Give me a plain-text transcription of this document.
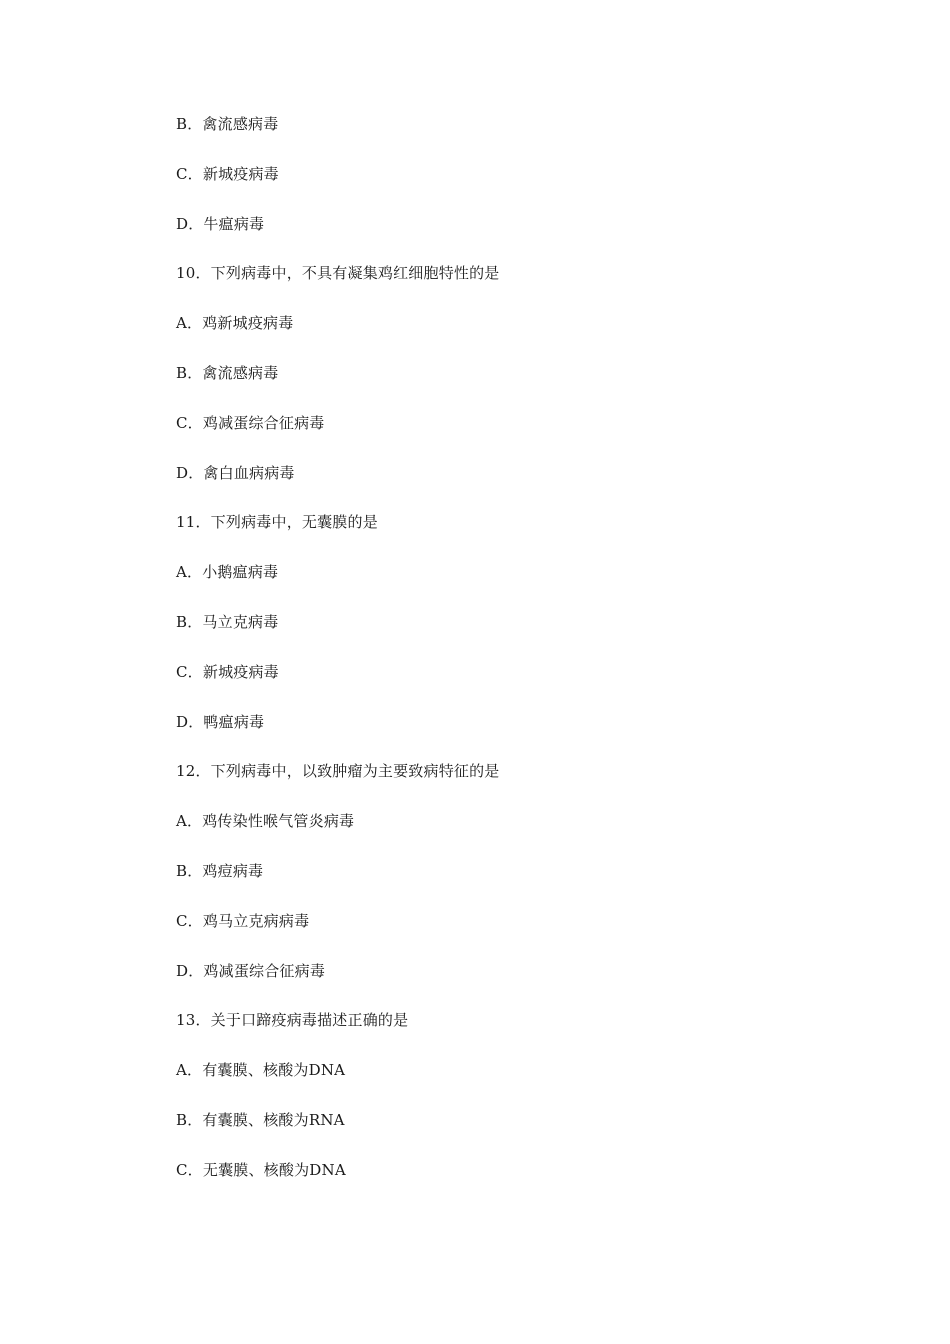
B．禽流感病毒

C．新城疫病毒

D．牛瘟病毒

10．下列病毒中，不具有凝集鸡红细胞特性的是

A．鸡新城疫病毒

B．禽流感病毒

C．鸡减蛋综合征病毒

D．禽白血病病毒

11．下列病毒中，无囊膜的是

A．小鹅瘟病毒

B．马立克病毒

C．新城疫病毒

D．鸭瘟病毒

12．下列病毒中，以致肿瘤为主要致病特征的是

A．鸡传染性喉气管炎病毒

B．鸡痘病毒

C．鸡马立克病病毒

D．鸡减蛋综合征病毒

13．关于口蹄疫病毒描述正确的是

A．有囊膜、核酸为DNA

B．有囊膜、核酸为RNA

C．无囊膜、核酸为DNA
